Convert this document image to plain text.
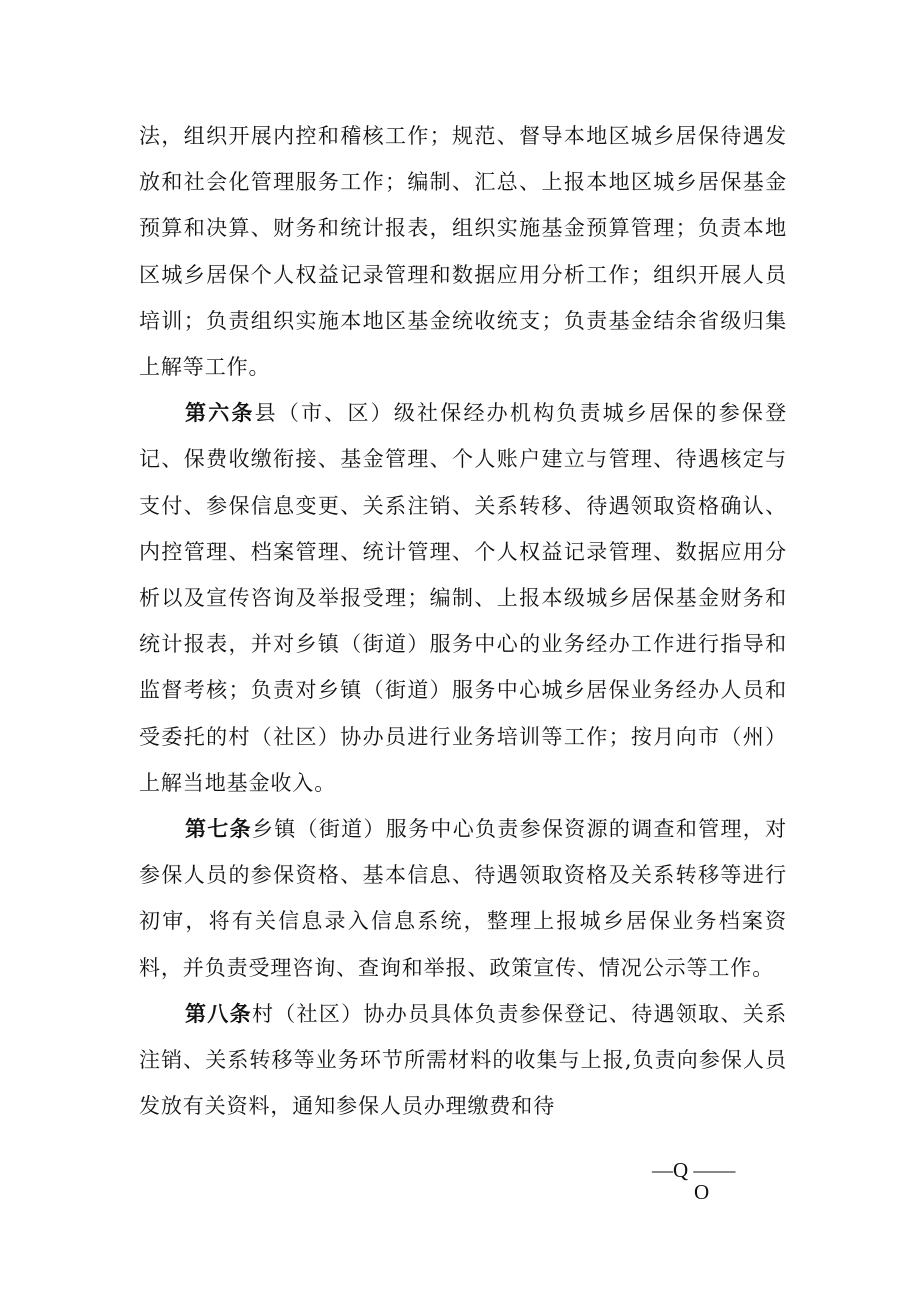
法，组织开展内控和稽核工作；规范、督导本地区城乡居保待遇发放和社会化管理服务工作；编制、汇总、上报本地区城乡居保基金预算和决算、财务和统计报表，组织实施基金预算管理；负责本地区城乡居保个人权益记录管理和数据应用分析工作；组织开展人员培训；负责组织实施本地区基金统收统支；负责基金结余省级归集上解等工作。

第六条县（市、区）级社保经办机构负责城乡居保的参保登记、保费收缴衔接、基金管理、个人账户建立与管理、待遇核定与支付、参保信息变更、关系注销、关系转移、待遇领取资格确认、内控管理、档案管理、统计管理、个人权益记录管理、数据应用分析以及宣传咨询及举报受理；编制、上报本级城乡居保基金财务和统计报表，并对乡镇（街道）服务中心的业务经办工作进行指导和监督考核；负责对乡镇（街道）服务中心城乡居保业务经办人员和受委托的村（社区）协办员进行业务培训等工作；按月向市（州）上解当地基金收入。

第七条乡镇（街道）服务中心负责参保资源的调查和管理，对参保人员的参保资格、基本信息、待遇领取资格及关系转移等进行初审，将有关信息录入信息系统，整理上报城乡居保业务档案资料，并负责受理咨询、查询和举报、政策宣传、情况公示等工作。

第八条村（社区）协办员具体负责参保登记、待遇领取、关系注销、关系转移等业务环节所需材料的收集与上报,负责向参保人员发放有关资料，通知参保人员办理缴费和待

—Q ——
O
